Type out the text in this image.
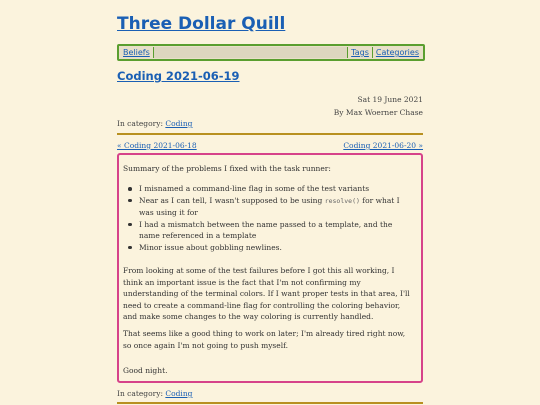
Three Dollar Quill
Beliefs	Tags Categories
Coding 2021-06-19
Sat 19 June 2021
By Max Woerner Chase
In category: Coding
« Coding 2021-06-18	Coding 2021-06-20 »

Summary of the problems I fixed with the task runner:

I misnamed a command-line flag in some of the test variants
Near as I can tell, I wasn't supposed to be using resolve() for what I was using it for
I had a mismatch between the name passed to a template, and the name referenced in a template
Minor issue about gobbling newlines.

From looking at some of the test failures before I got this all working, I think an important issue is the fact that I'm not confirming my understanding of the terminal colors. If I want proper tests in that area, I'll need to create a command-line flag for controlling the coloring behavior, and make some changes to the way coloring is currently handled.

That seems like a good thing to work on later; I'm already tired right now, so once again I'm not going to push myself.

Good night.

In category: Coding
